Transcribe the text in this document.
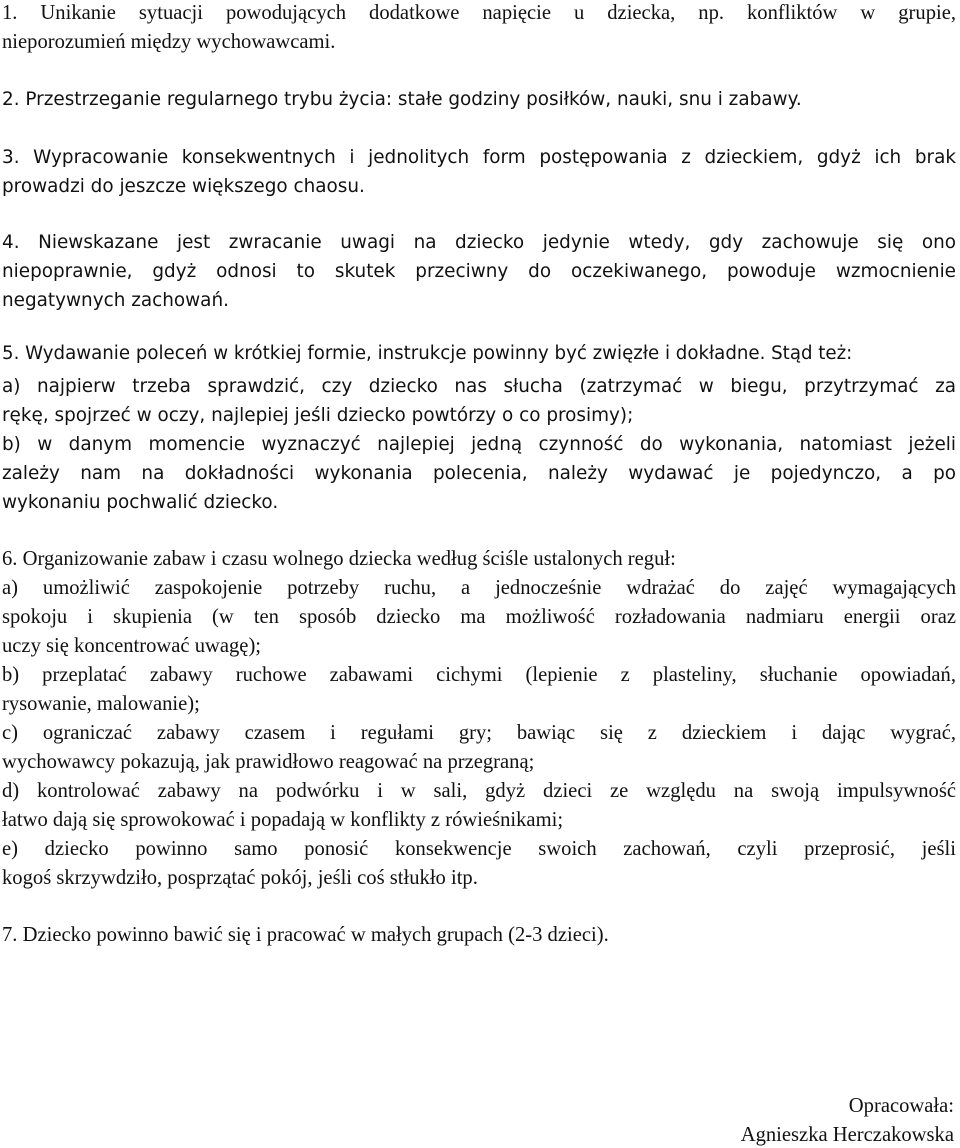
1. Unikanie sytuacji powodujących dodatkowe napięcie u dziecka, np. konfliktów w grupie,
nieporozumień między wychowawcami.
2. Przestrzeganie regularnego trybu życia: stałe godziny posiłków, nauki, snu i zabawy.
3. Wypracowanie konsekwentnych i jednolitych form postępowania z dzieckiem, gdyż ich brak
prowadzi do jeszcze większego chaosu.
4. Niewskazane jest zwracanie uwagi na dziecko jedynie wtedy, gdy zachowuje się ono
niepoprawnie, gdyż odnosi to skutek przeciwny do oczekiwanego, powoduje wzmocnienie
negatywnych zachowań.
5. Wydawanie poleceń w krótkiej formie, instrukcje powinny być zwięzłe i dokładne. Stąd też:
a) najpierw trzeba sprawdzić, czy dziecko nas słucha (zatrzymać w biegu, przytrzymać za
rękę, spojrzeć w oczy, najlepiej jeśli dziecko powtórzy o co prosimy);
b) w danym momencie wyznaczyć najlepiej jedną czynność do wykonania, natomiast jeżeli
zależy nam na dokładności wykonania polecenia, należy wydawać je pojedynczo, a po
wykonaniu pochwalić dziecko.
6. Organizowanie zabaw i czasu wolnego dziecka według ściśle ustalonych reguł:
a) umożliwić zaspokojenie potrzeby ruchu, a jednocześnie wdrażać do zajęć wymagających
spokoju i skupienia (w ten sposób dziecko ma możliwość rozładowania nadmiaru energii oraz
uczy się koncentrować uwagę);
b) przeplatać zabawy ruchowe zabawami cichymi (lepienie z plasteliny, słuchanie opowiadań,
rysowanie, malowanie);
c) ograniczać zabawy czasem i regułami gry; bawiąc się z dzieckiem i dając wygrać,
wychowawcy pokazują, jak prawidłowo reagować na przegraną;
d) kontrolować zabawy na podwórku i w sali, gdyż dzieci ze względu na swoją impulsywność
łatwo dają się sprowokować i popadają w konflikty z rówieśnikami;
e) dziecko powinno samo ponosić konsekwencje swoich zachowań, czyli przeprosić, jeśli
kogoś skrzywdziło, posprzątać pokój, jeśli coś stłukło itp.
7. Dziecko powinno bawić się i pracować w małych grupach (2-3 dzieci).
Opracowała:
Agnieszka Herczakowska
